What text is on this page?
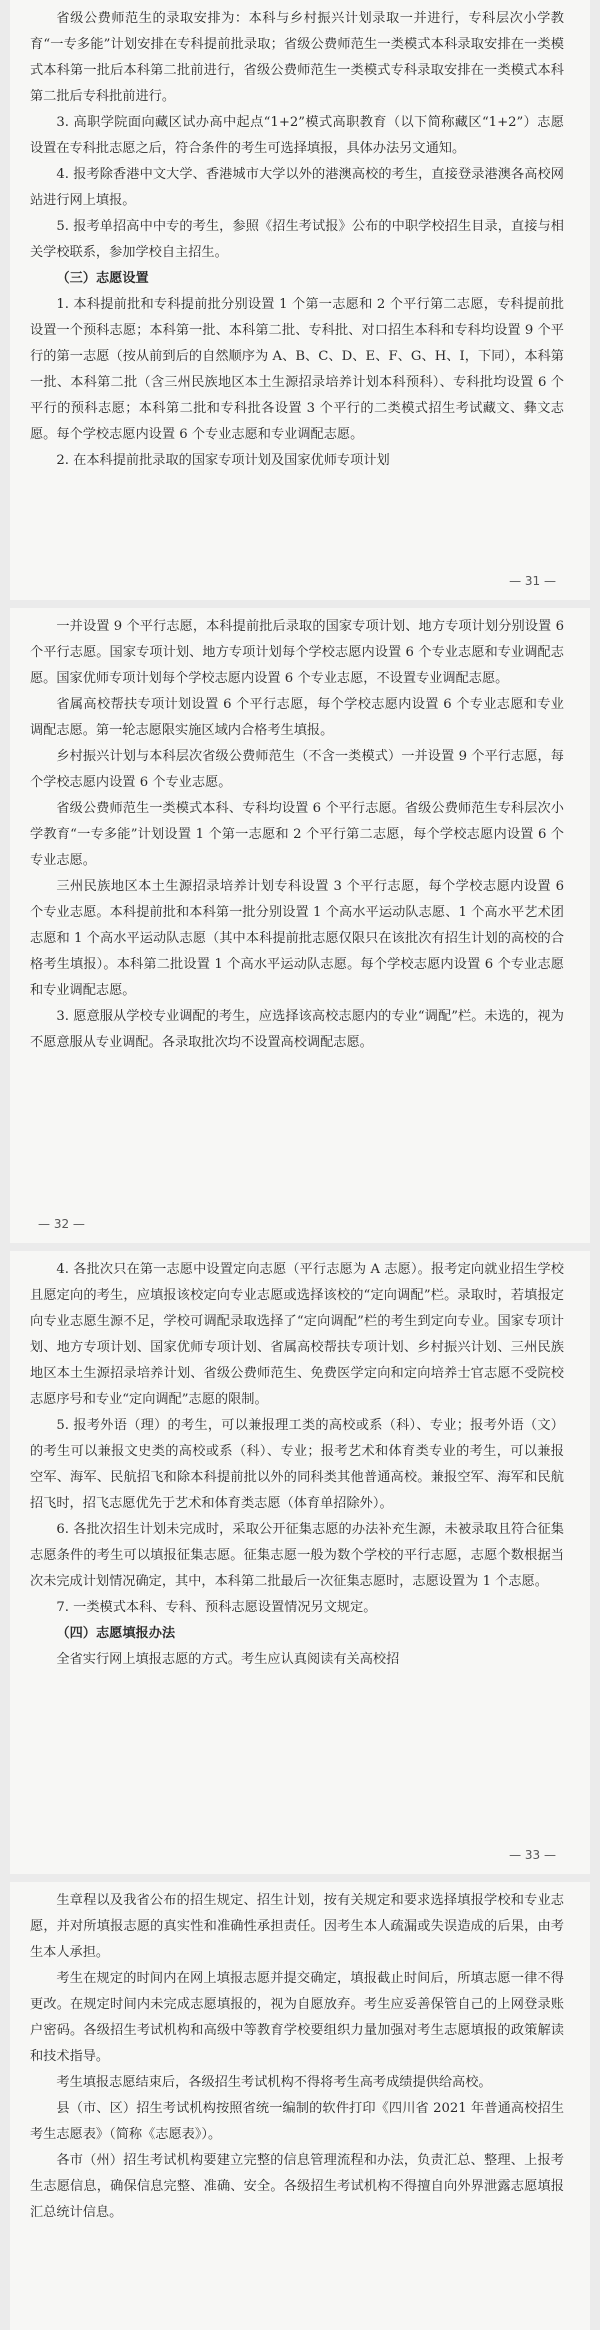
省级公费师范生的录取安排为：本科与乡村振兴计划录取一并进行，专科层次小学教育“一专多能”计划安排在专科提前批录取；省级公费师范生一类模式本科录取安排在一类模式本科第一批后本科第二批前进行，省级公费师范生一类模式专科录取安排在一类模式本科第二批后专科批前进行。

3. 高职学院面向藏区试办高中起点“1+2”模式高职教育（以下简称藏区“1+2”）志愿设置在专科批志愿之后，符合条件的考生可选择填报，具体办法另文通知。

4. 报考除香港中文大学、香港城市大学以外的港澳高校的考生，直接登录港澳各高校网站进行网上填报。

5. 报考单招高中中专的考生，参照《招生考试报》公布的中职学校招生目录，直接与相关学校联系，参加学校自主招生。

（三）志愿设置

1. 本科提前批和专科提前批分别设置 1 个第一志愿和 2 个平行第二志愿，专科提前批设置一个预科志愿；本科第一批、本科第二批、专科批、对口招生本科和专科均设置 9 个平行的第一志愿（按从前到后的自然顺序为 A、B、C、D、E、F、G、H、I，下同），本科第一批、本科第二批（含三州民族地区本土生源招录培养计划本科预科）、专科批均设置 6 个平行的预科志愿；本科第二批和专科批各设置 3 个平行的二类模式招生考试藏文、彝文志愿。每个学校志愿内设置 6 个专业志愿和专业调配志愿。

2. 在本科提前批录取的国家专项计划及国家优师专项计划

— 31 —

一并设置 9 个平行志愿，本科提前批后录取的国家专项计划、地方专项计划分别设置 6 个平行志愿。国家专项计划、地方专项计划每个学校志愿内设置 6 个专业志愿和专业调配志愿。国家优师专项计划每个学校志愿内设置 6 个专业志愿，不设置专业调配志愿。

省属高校帮扶专项计划设置 6 个平行志愿，每个学校志愿内设置 6 个专业志愿和专业调配志愿。第一轮志愿限实施区域内合格考生填报。

乡村振兴计划与本科层次省级公费师范生（不含一类模式）一并设置 9 个平行志愿，每个学校志愿内设置 6 个专业志愿。

省级公费师范生一类模式本科、专科均设置 6 个平行志愿。省级公费师范生专科层次小学教育“一专多能”计划设置 1 个第一志愿和 2 个平行第二志愿，每个学校志愿内设置 6 个专业志愿。

三州民族地区本土生源招录培养计划专科设置 3 个平行志愿，每个学校志愿内设置 6 个专业志愿。本科提前批和本科第一批分别设置 1 个高水平运动队志愿、1 个高水平艺术团志愿和 1 个高水平运动队志愿（其中本科提前批志愿仅限只在该批次有招生计划的高校的合格考生填报）。本科第二批设置 1 个高水平运动队志愿。每个学校志愿内设置 6 个专业志愿和专业调配志愿。

3. 愿意服从学校专业调配的考生，应选择该高校志愿内的专业“调配”栏。未选的，视为不愿意服从专业调配。各录取批次均不设置高校调配志愿。

— 32 —

4. 各批次只在第一志愿中设置定向志愿（平行志愿为 A 志愿）。报考定向就业招生学校且愿定向的考生，应填报该校定向专业志愿或选择该校的“定向调配”栏。录取时，若填报定向专业志愿生源不足，学校可调配录取选择了“定向调配”栏的考生到定向专业。国家专项计划、地方专项计划、国家优师专项计划、省属高校帮扶专项计划、乡村振兴计划、三州民族地区本土生源招录培养计划、省级公费师范生、免费医学定向和定向培养士官志愿不受院校志愿序号和专业“定向调配”志愿的限制。

5. 报考外语（理）的考生，可以兼报理工类的高校或系（科）、专业；报考外语（文）的考生可以兼报文史类的高校或系（科）、专业；报考艺术和体育类专业的考生，可以兼报空军、海军、民航招飞和除本科提前批以外的同科类其他普通高校。兼报空军、海军和民航招飞时，招飞志愿优先于艺术和体育类志愿（体育单招除外）。

6. 各批次招生计划未完成时，采取公开征集志愿的办法补充生源，未被录取且符合征集志愿条件的考生可以填报征集志愿。征集志愿一般为数个学校的平行志愿，志愿个数根据当次未完成计划情况确定，其中，本科第二批最后一次征集志愿时，志愿设置为 1 个志愿。

7. 一类模式本科、专科、预科志愿设置情况另文规定。

（四）志愿填报办法

全省实行网上填报志愿的方式。考生应认真阅读有关高校招

— 33 —

生章程以及我省公布的招生规定、招生计划，按有关规定和要求选择填报学校和专业志愿，并对所填报志愿的真实性和准确性承担责任。因考生本人疏漏或失误造成的后果，由考生本人承担。

考生在规定的时间内在网上填报志愿并提交确定，填报截止时间后，所填志愿一律不得更改。在规定时间内未完成志愿填报的，视为自愿放弃。考生应妥善保管自己的上网登录账户密码。各级招生考试机构和高级中等教育学校要组织力量加强对考生志愿填报的政策解读和技术指导。

考生填报志愿结束后，各级招生考试机构不得将考生高考成绩提供给高校。

县（市、区）招生考试机构按照省统一编制的软件打印《四川省 2021 年普通高校招生考生志愿表》（简称《志愿表》）。

各市（州）招生考试机构要建立完整的信息管理流程和办法，负责汇总、整理、上报考生志愿信息，确保信息完整、准确、安全。各级招生考试机构不得擅自向外界泄露志愿填报汇总统计信息。
